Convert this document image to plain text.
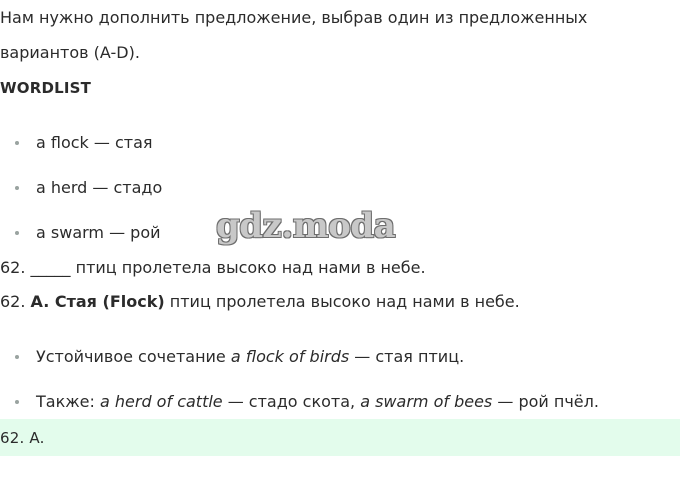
Нам нужно дополнить предложение, выбрав один из предложенных
вариантов (A-D).
WORDLIST
a flock — стая
a herd — стадо
a swarm — рой gdz.moda
62. _____ птиц пролетела высоко над нами в небе.
62. A. Стая (Flock) птиц пролетела высоко над нами в небе.
Устойчивое сочетание a flock of birds — стая птиц.
Также: a herd of cattle — стадо скота, a swarm of bees — рой пчёл.
62. A.
